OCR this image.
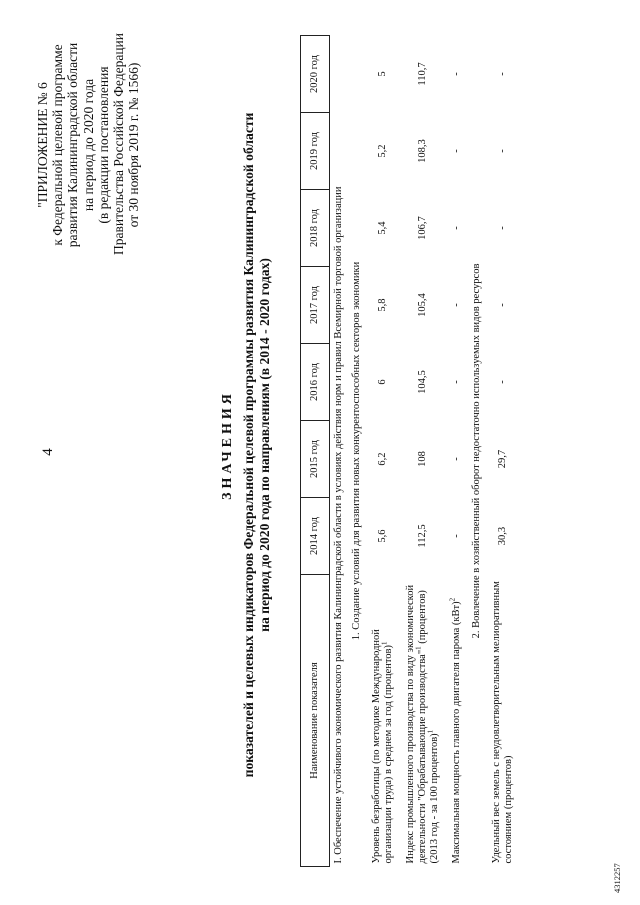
4
"ПРИЛОЖЕНИЕ № 6 к Федеральной целевой программе развития Калининградской области на период до 2020 года (в редакции постановления Правительства Российской Федерации от 30 ноября 2019 г. № 1566)
ЗНАЧЕНИЯ показателей и целевых индикаторов Федеральной целевой программы развития Калининградской области на период до 2020 года по направлениям (в 2014 - 2020 годах)
Наименование показателя	2014 год	2015 год	2016 год	2017 год	2018 год	2019 год	2020 год
I. Обеспечение устойчивого экономического развития Калининградской области в условиях действия норм и правил Всемирной торговой организации							
1. Создание условий для развития новых конкурентоспособных секторов экономики							
Уровень безработицы (по методике Международной организации труда) в среднем за год (процентов)$^1$	5,6	6,2	6	5,8	5,4	5,2	5
Индекс промышленного производства по виду экономической деятельности "Обрабатывающие производства"$^1$ (процентов) (2013 год - за 100 процентов)$^1$	112,5	108	104,5	105,4	106,7	108,3	110,7
Максимальная мощность главного двигателя парома (кВт)$^2$	-	-	-	-	-	-	-
2. Вовлечение в хозяйственный оборот недостаточно используемых видов ресурсов							
Удельный вес земель с неудовлетворительным мелиоративным состоянием (процентов)	30,3	29,7	-	-	-	-	-
4312257
